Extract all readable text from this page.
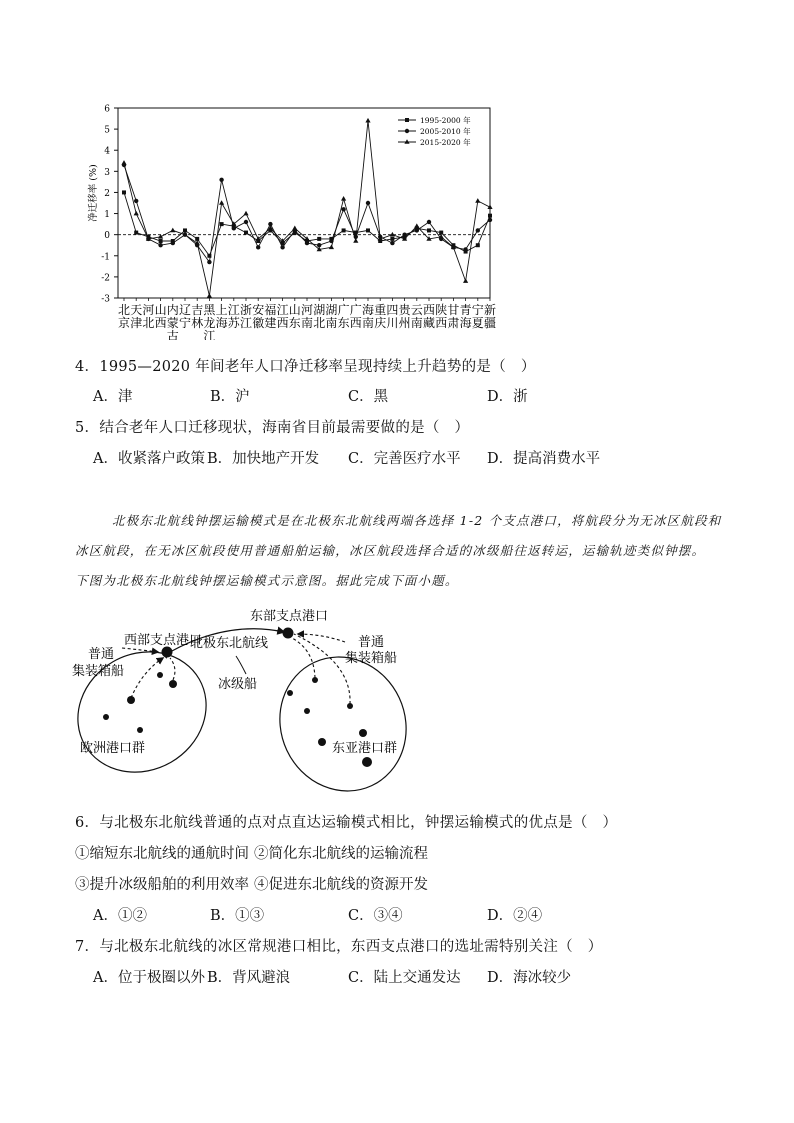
6
5
4
3
2
1
0
-1
-2
-3
净迁移率 (%)
1995-2000 年
2005-2010 年
2015-2020 年
北
京
天
津
河
北
山
西
内
蒙
古
辽
宁
吉
林
黑
龙
江
上
海
江
苏
浙
江
安
徽
福
建
江
西
山
东
河
南
湖
北
湖
南
广
东
广
西
海
南
重
庆
四
川
贵
州
云
南
西
藏
陕
西
甘
肃
青
海
宁
夏
新
疆
4．1995—2020 年间老年人口净迁移率呈现持续上升趋势的是（　）
A．津	B．沪	C．黑	D．浙
5．结合老年人口迁移现状，海南省目前最需要做的是（　）
A．收紧落户政策 B．加快地产开发 C．完善医疗水平 D．提高消费水平
北极东北航线钟摆运输模式是在北极东北航线两端各选择 1-2 个支点港口，将航段分为无冰区航段和
冰区航段，在无冰区航段使用普通船舶运输，冰区航段选择合适的冰级船往返转运，运输轨迹类似钟摆。
下图为北极东北航线钟摆运输模式示意图。据此完成下面小题。
西部支点港口
东部支点港口
北极东北航线
冰级船
普通
集装箱船
普通
集装箱船
欧洲港口群	东亚港口群
6．与北极东北航线普通的点对点直达运输模式相比，钟摆运输模式的优点是（　）
①缩短东北航线的通航时间 ②简化东北航线的运输流程
③提升冰级船舶的利用效率 ④促进东北航线的资源开发
A．①②	B．①③	C．③④	D．②④
7．与北极东北航线的冰区常规港口相比，东西支点港口的选址需特别关注（　）
A．位于极圈以外 B．背风避浪	C．陆上交通发达 D．海冰较少
